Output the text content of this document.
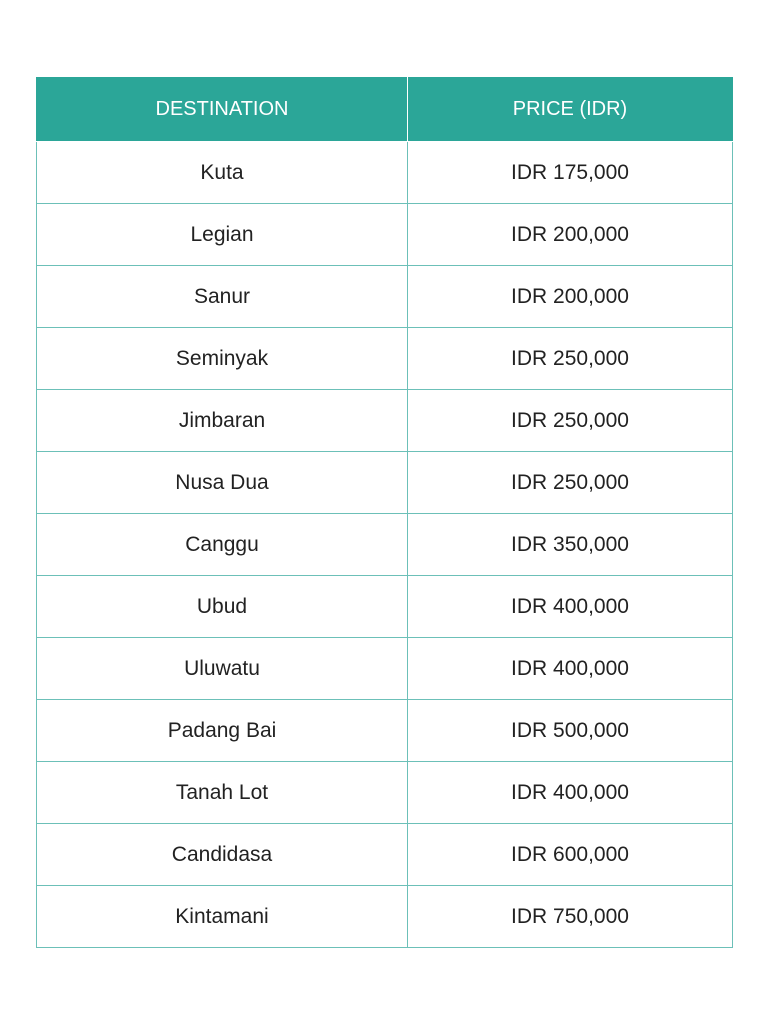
DESTINATION	PRICE (IDR)
Kuta	IDR 175,000
Legian	IDR 200,000
Sanur	IDR 200,000
Seminyak	IDR 250,000
Jimbaran	IDR 250,000
Nusa Dua	IDR 250,000
Canggu	IDR 350,000
Ubud	IDR 400,000
Uluwatu	IDR 400,000
Padang Bai	IDR 500,000
Tanah Lot	IDR 400,000
Candidasa	IDR 600,000
Kintamani	IDR 750,000
